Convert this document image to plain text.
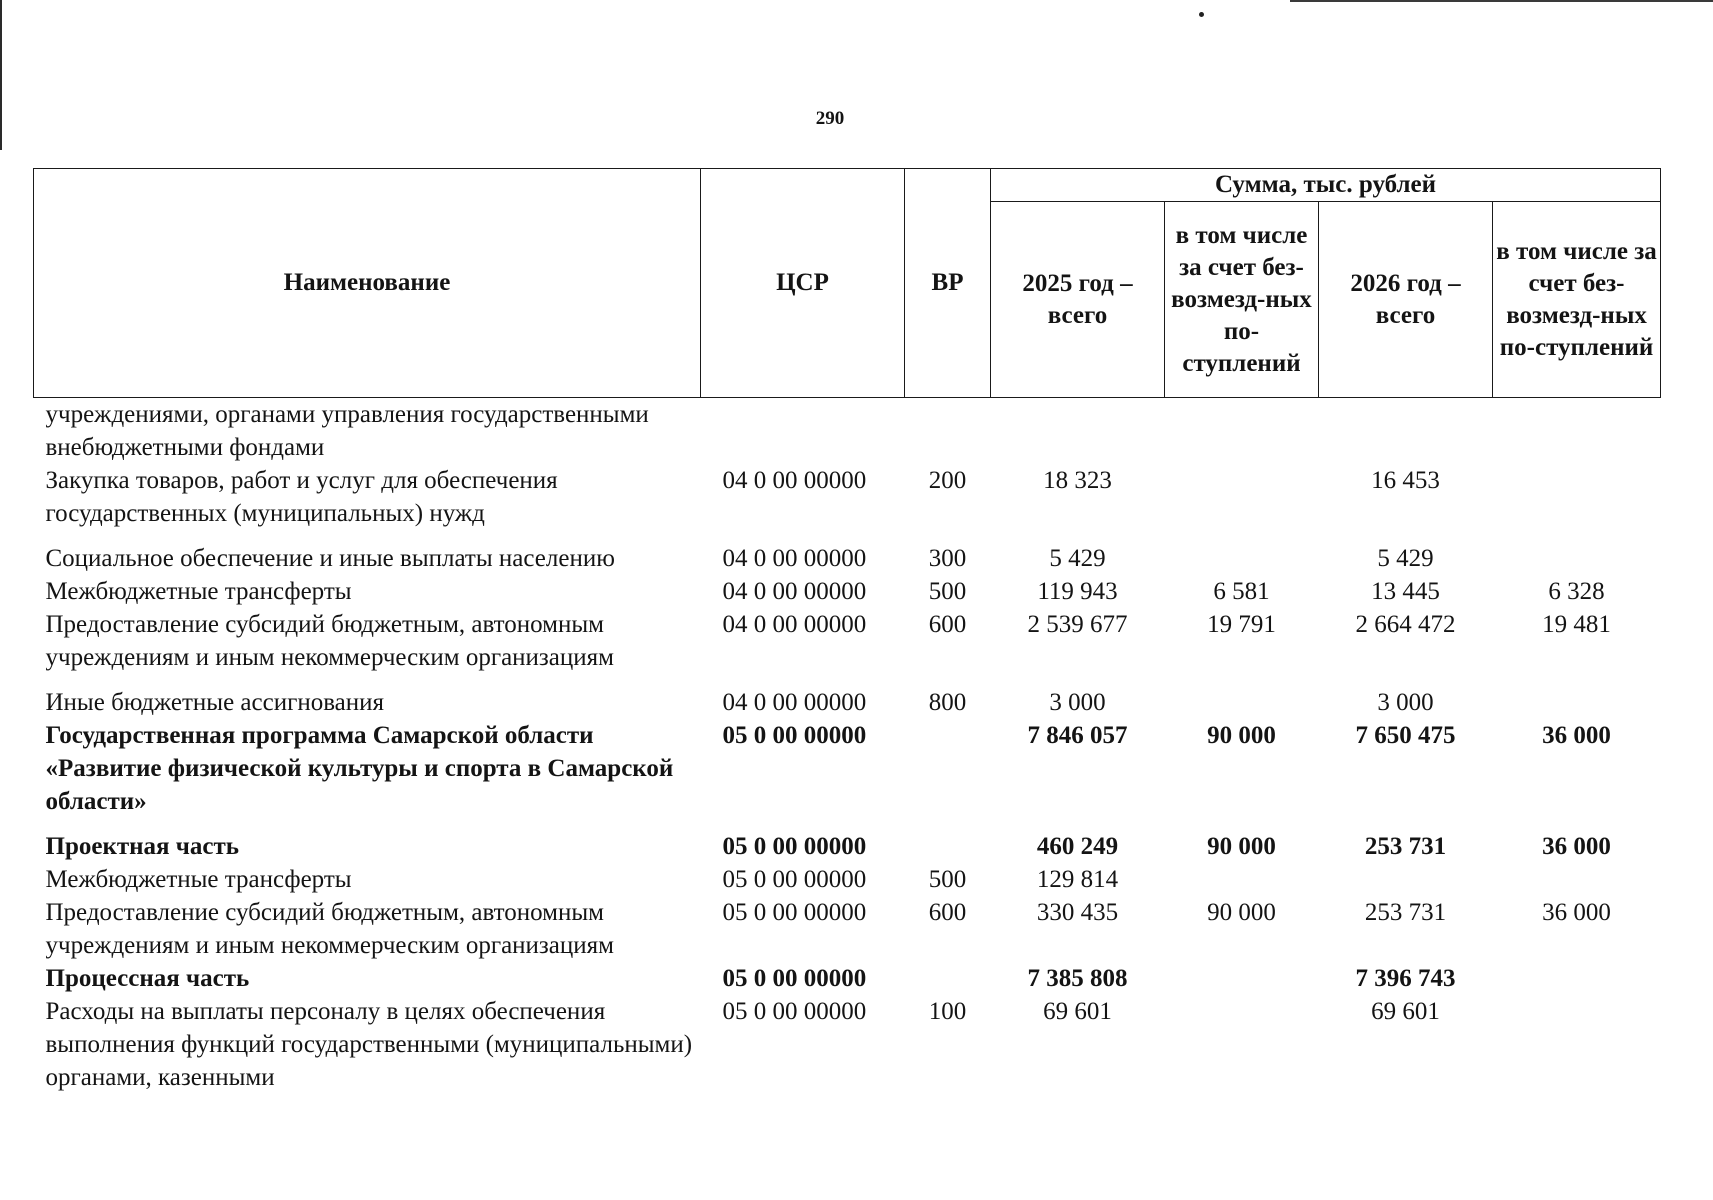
290
Наименование	ЦСР	ВР	Сумма, тыс. рублей			
			2025 год – всего	в том числе за счет без-возмезд-ных по-ступлений	2026 год – всего	в том числе за счет без-возмезд-ных по-ступлений
учреждениями, органами управления государственными внебюджетными фондами						
Закупка товаров, работ и услуг для обеспечения государственных (муниципальных) нужд	04 0 00 00000	200	18 323		16 453	
Социальное обеспечение и иные выплаты населению	04 0 00 00000	300	5 429		5 429	
Межбюджетные трансферты	04 0 00 00000	500	119 943	6 581	13 445	6 328
Предоставление субсидий бюджетным, автономным учреждениям и иным некоммерческим организациям	04 0 00 00000	600	2 539 677	19 791	2 664 472	19 481
Иные бюджетные ассигнования	04 0 00 00000	800	3 000		3 000	
Государственная программа Самарской области «Развитие физической культуры и спорта в Самарской области»	05 0 00 00000		7 846 057	90 000	7 650 475	36 000
Проектная часть	05 0 00 00000		460 249	90 000	253 731	36 000
Межбюджетные трансферты	05 0 00 00000	500	129 814			
Предоставление субсидий бюджетным, автономным учреждениям и иным некоммерческим организациям	05 0 00 00000	600	330 435	90 000	253 731	36 000
Процессная часть	05 0 00 00000		7 385 808		7 396 743	
Расходы на выплаты персоналу в целях обеспечения выполнения функций государственными (муниципальными) органами, казенными	05 0 00 00000	100	69 601		69 601	
